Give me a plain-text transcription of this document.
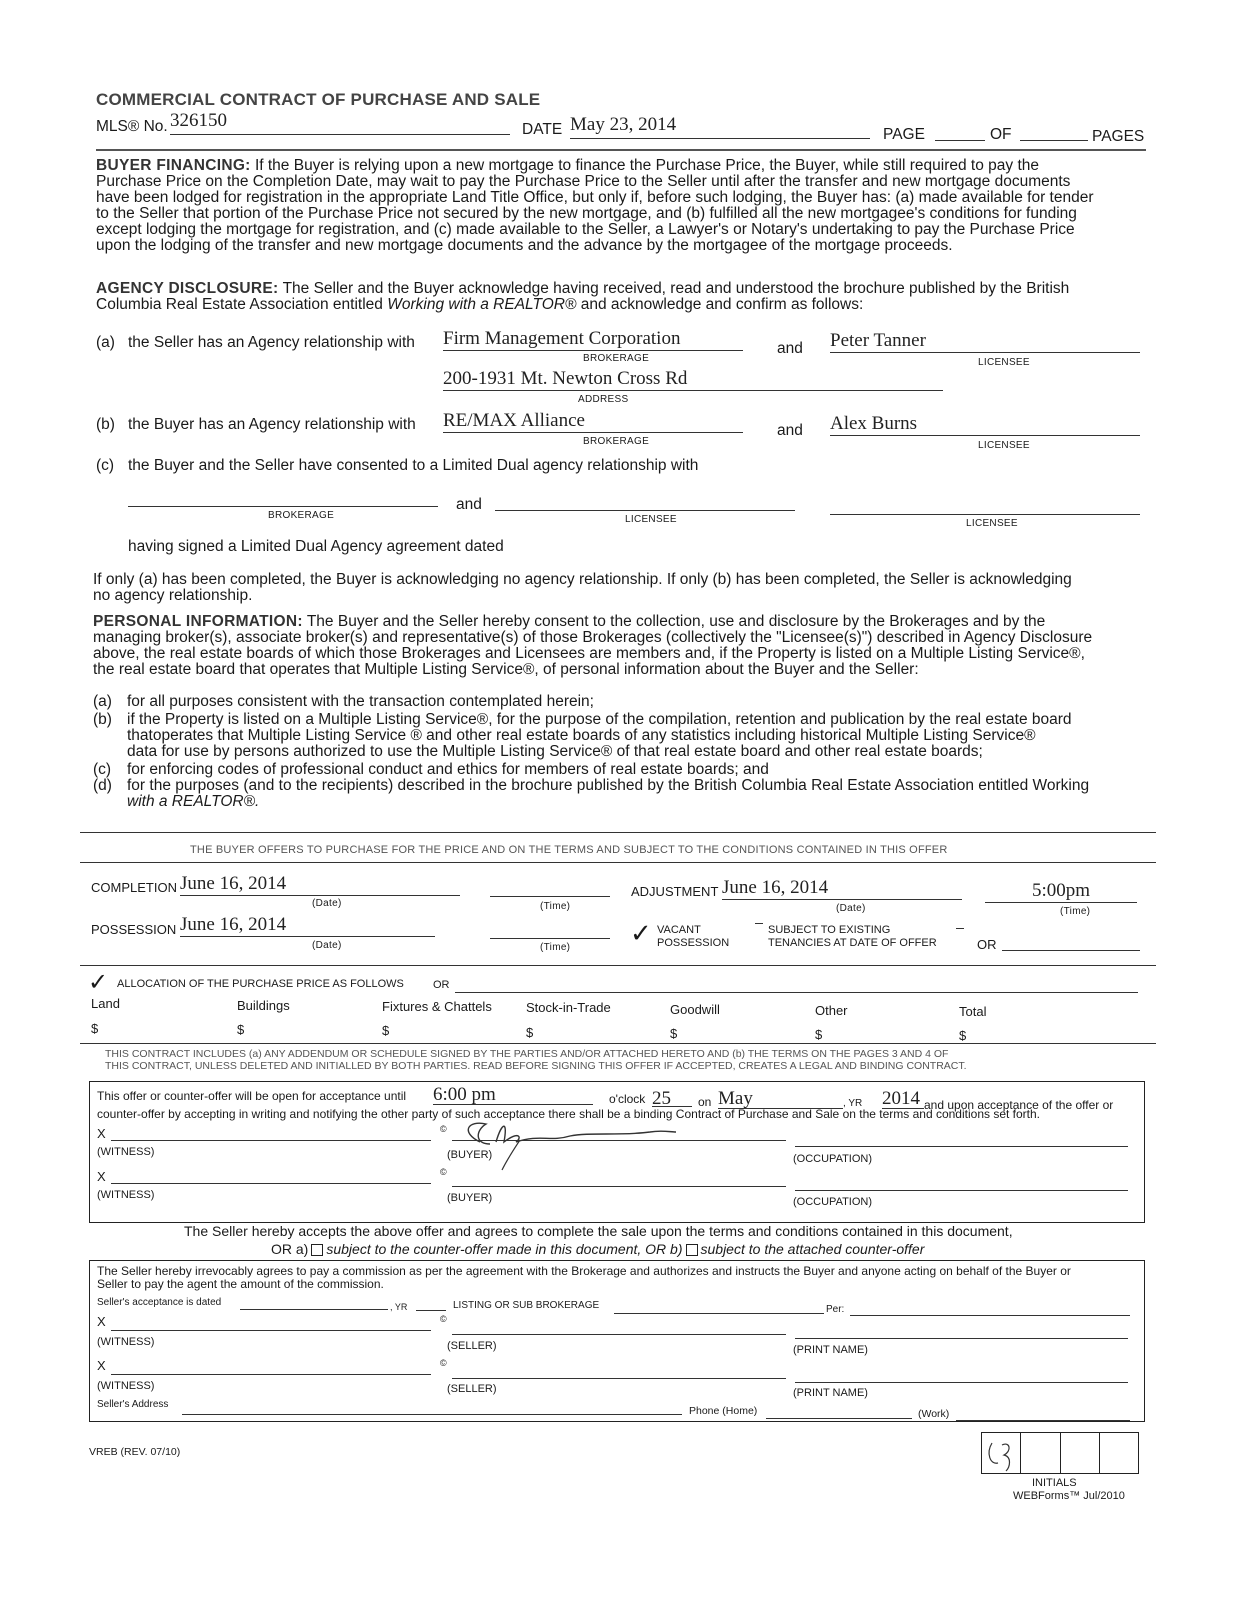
COMMERCIAL CONTRACT OF PURCHASE AND SALE
MLS® No. 326150	DATE May 23, 2014	PAGE	OF	PAGES
BUYER FINANCING: If the Buyer is relying upon a new mortgage to finance the Purchase Price, the Buyer, while still required to pay the
Purchase Price on the Completion Date, may wait to pay the Purchase Price to the Seller until after the transfer and new mortgage documents
have been lodged for registration in the appropriate Land Title Office, but only if, before such lodging, the Buyer has: (a) made available for tender
to the Seller that portion of the Purchase Price not secured by the new mortgage, and (b) fulfilled all the new mortgagee's conditions for funding
except lodging the mortgage for registration, and (c) made available to the Seller, a Lawyer's or Notary's undertaking to pay the Purchase Price
upon the lodging of the transfer and new mortgage documents and the advance by the mortgagee of the mortgage proceeds.
AGENCY DISCLOSURE: The Seller and the Buyer acknowledge having received, read and understood the brochure published by the British
Columbia Real Estate Association entitled Working with a REALTOR® and acknowledge and confirm as follows:
(a) the Seller has an Agency relationship with Firm Management Corporation
BROKERAGE
and Peter Tanner
LICENSEE
200-1931 Mt. Newton Cross Rd
ADDRESS
(b) the Buyer has an Agency relationship with RE/MAX Alliance
BROKERAGE
and Alex Burns
LICENSEE
(c) the Buyer and the Seller have consented to a Limited Dual agency relationship with
BROKERAGE
and
LICENSEE	LICENSEE
having signed a Limited Dual Agency agreement dated
If only (a) has been completed, the Buyer is acknowledging no agency relationship. If only (b) has been completed, the Seller is acknowledging
no agency relationship.
PERSONAL INFORMATION: The Buyer and the Seller hereby consent to the collection, use and disclosure by the Brokerages and by the
managing broker(s), associate broker(s) and representative(s) of those Brokerages (collectively the "Licensee(s)") described in Agency Disclosure
above, the real estate boards of which those Brokerages and Licensees are members and, if the Property is listed on a Multiple Listing Service®,
the real estate board that operates that Multiple Listing Service®, of personal information about the Buyer and the Seller:
(a) for all purposes consistent with the transaction contemplated herein;
(b) if the Property is listed on a Multiple Listing Service®, for the purpose of the compilation, retention and publication by the real estate board
thatoperates that Multiple Listing Service ® and other real estate boards of any statistics including historical Multiple Listing Service®
data for use by persons authorized to use the Multiple Listing Service® of that real estate board and other real estate boards;
(c)	for enforcing codes of professional conduct and ethics for members of real estate boards; and
(d) for the purposes (and to the recipients) described in the brochure published by the British Columbia Real Estate Association entitled Working
with a REALTOR®.
THE BUYER OFFERS TO PURCHASE FOR THE PRICE AND ON THE TERMS AND SUBJECT TO THE CONDITIONS CONTAINED IN THIS OFFER
COMPLETION June 16, 2014
(Date)	(Time)
ADJUSTMENT June 16, 2014
(Date)
5:00pm
(Time)
POSSESSION June 16, 2014
(Date)	(Time) ✓ VACANT
POSSESSION
SUBJECT TO EXISTING
TENANCIES AT DATE OF OFFER	OR
✓ ALLOCATION OF THE PURCHASE PRICE AS FOLLOWS	OR
Land	Buildings	Fixtures & Chattels	Stock-in-Trade	Goodwill	Other	Total
$	$	$	$	$	$	$
THIS CONTRACT INCLUDES (a) ANY ADDENDUM OR SCHEDULE SIGNED BY THE PARTIES AND/OR ATTACHED HERETO AND (b) THE TERMS ON THE PAGES 3 AND 4 OF
THIS CONTRACT, UNLESS DELETED AND INITIALLED BY BOTH PARTIES. READ BEFORE SIGNING THIS OFFER IF ACCEPTED, CREATES A LEGAL AND BINDING CONTRACT.
This offer or counter-offer will be open for acceptance until 6:00 pm	o'clock 25	on May	, YR 2014 and upon acceptance of the offer or
counter-offer by accepting in writing and notifying the other party of such acceptance there shall be a binding Contract of Purchase and Sale on the terms and conditions set forth.
X	©
(WITNESS)	(BUYER)	(OCCUPATION)
X	©
(WITNESS)	(BUYER)	(OCCUPATION)
The Seller hereby accepts the above offer and agrees to complete the sale upon the terms and conditions contained in this document,
OR a) subject to the counter-offer made in this document, OR b) subject to the attached counter-offer
The Seller hereby irrevocably agrees to pay a commission as per the agreement with the Brokerage and authorizes and instructs the Buyer and anyone acting on behalf of the Buyer or
Seller to pay the agent the amount of the commission.
Seller's acceptance is dated	, YR	LISTING OR SUB BROKERAGE	Per:
X	©
(WITNESS)	(SELLER)	(PRINT NAME)
X	©
(WITNESS)	(SELLER)	(PRINT NAME)
Seller's Address
Phone (Home)	(Work)
VREB (REV. 07/10)
INITIALS
WEBForms™ Jul/2010
